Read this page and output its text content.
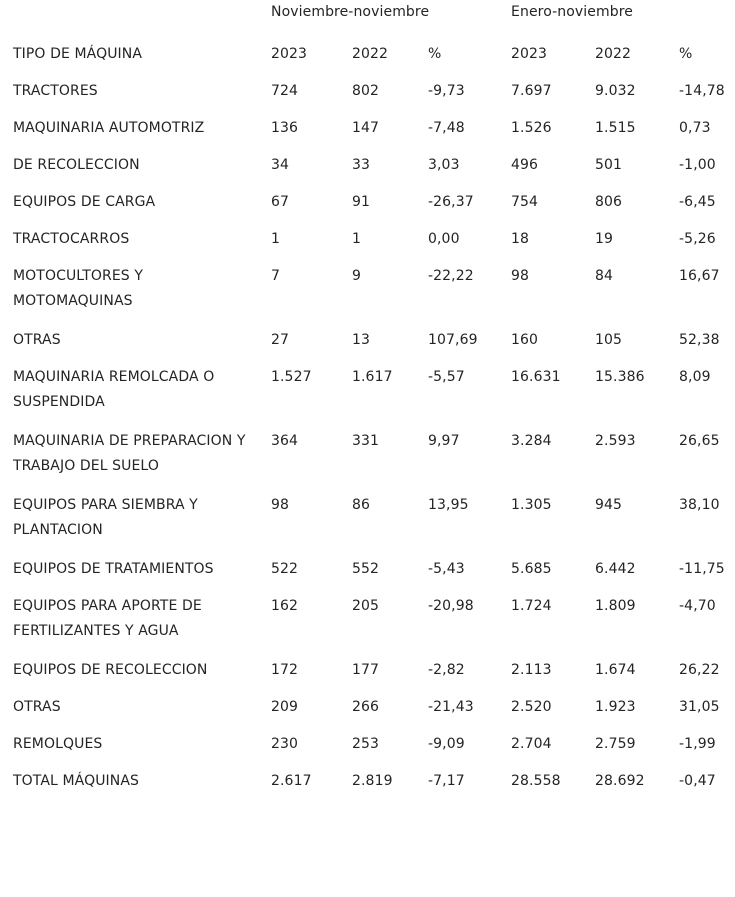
	Noviembre-noviembre			Enero-noviembre		
TIPO DE MÁQUINA	2023	2022	%	2023	2022	%
TRACTORES	724	802	-9,73	7.697	9.032	-14,78
MAQUINARIA AUTOMOTRIZ	136	147	-7,48	1.526	1.515	0,73
DE RECOLECCION	34	33	3,03	496	501	-1,00
EQUIPOS DE CARGA	67	91	-26,37	754	806	-6,45
TRACTOCARROS	1	1	0,00	18	19	-5,26
MOTOCULTORES Y MOTOMAQUINAS	7	9	-22,22	98	84	16,67
OTRAS	27	13	107,69	160	105	52,38
MAQUINARIA REMOLCADA O SUSPENDIDA	1.527	1.617	-5,57	16.631	15.386	8,09
MAQUINARIA DE PREPARACION Y TRABAJO DEL SUELO	364	331	9,97	3.284	2.593	26,65
EQUIPOS PARA SIEMBRA Y PLANTACION	98	86	13,95	1.305	945	38,10
EQUIPOS DE TRATAMIENTOS	522	552	-5,43	5.685	6.442	-11,75
EQUIPOS PARA APORTE DE FERTILIZANTES Y AGUA	162	205	-20,98	1.724	1.809	-4,70
EQUIPOS DE RECOLECCION	172	177	-2,82	2.113	1.674	26,22
OTRAS	209	266	-21,43	2.520	1.923	31,05
REMOLQUES	230	253	-9,09	2.704	2.759	-1,99
TOTAL MÁQUINAS	2.617	2.819	-7,17	28.558	28.692	-0,47
